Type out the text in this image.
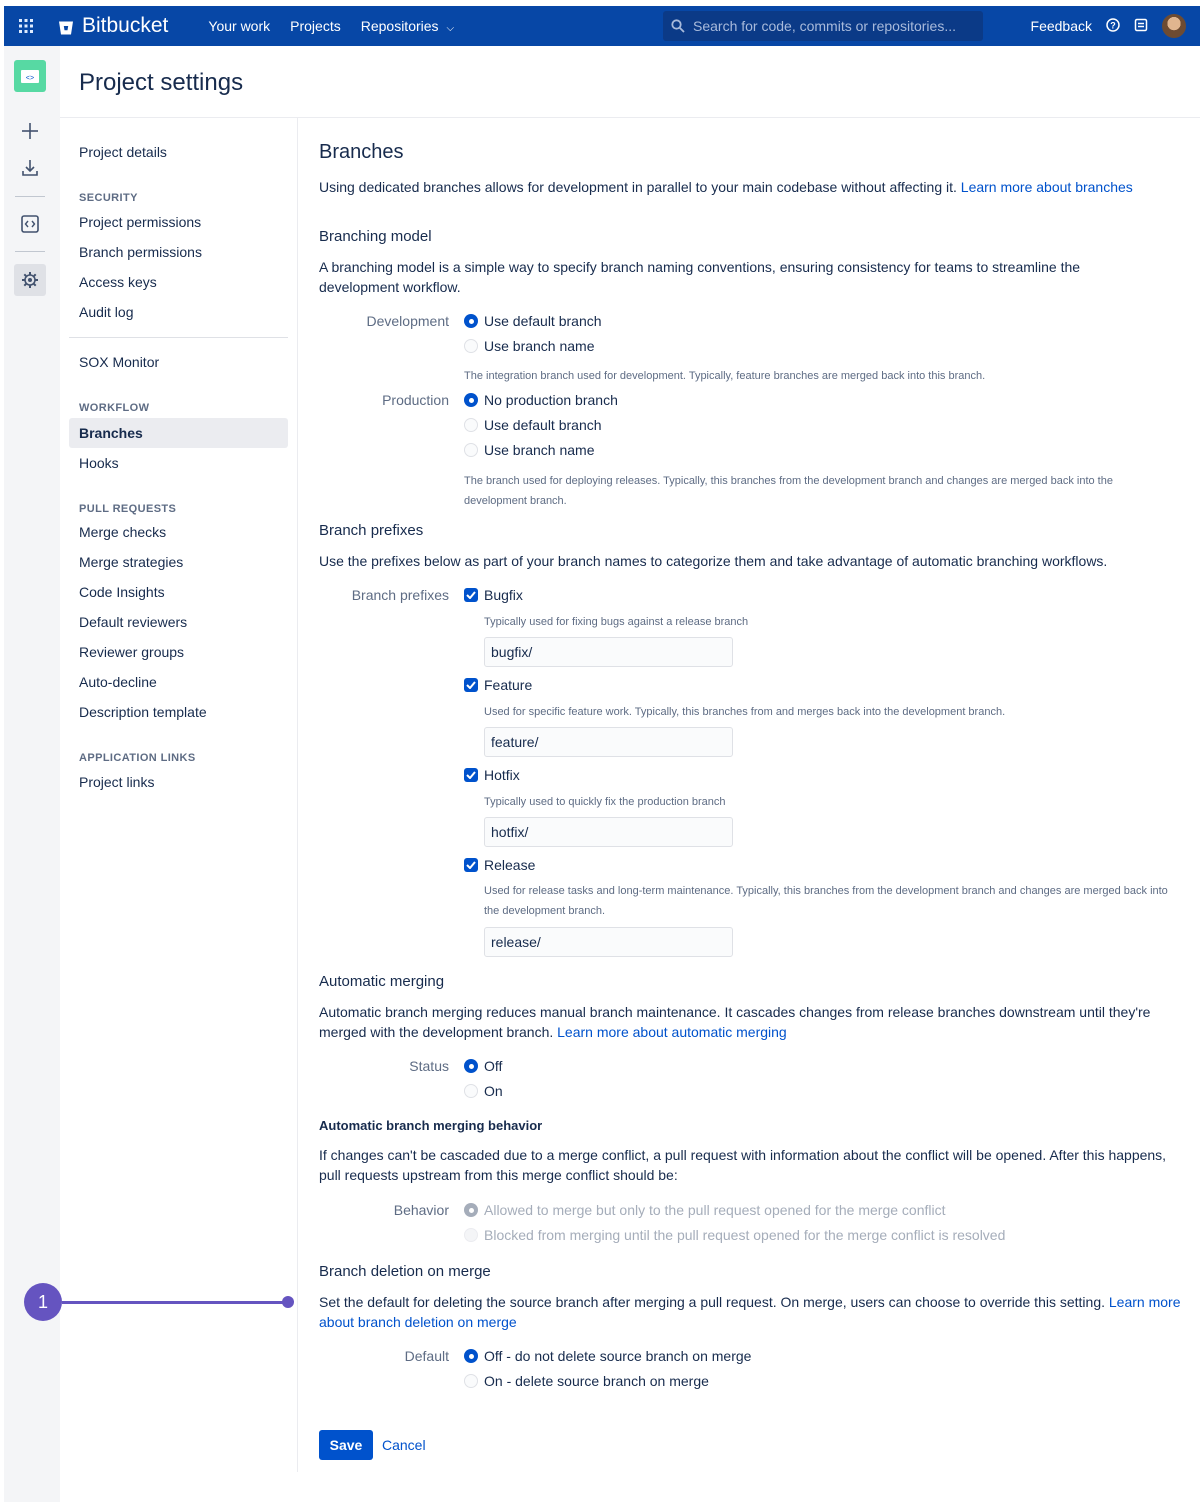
Bitbucket	Your work Projects Repositories ⌵
Search for code, commits or repositories...	Feedback ?
<> Project settings
Project details
SECURITY
Project permissions
Branch permissions
Access keys
Audit log
SOX Monitor
WORKFLOW
Branches
Hooks
PULL REQUESTS
Merge checks
Merge strategies
Code Insights
Default reviewers
Reviewer groups
Auto-decline
Description template
APPLICATION LINKS
Project links
Branches
Using dedicated branches allows for development in parallel to your main codebase without affecting it. Learn more about branches
Branching model
A branching model is a simple way to specify branch naming conventions, ensuring consistency for teams to streamline the development workflow.
Development	Use default branch
Use branch name
The integration branch used for development. Typically, feature branches are merged back into this branch.
Production	No production branch
Use default branch
Use branch name
The branch used for deploying releases. Typically, this branches from the development branch and changes are merged back into the development branch.
Branch prefixes
Use the prefixes below as part of your branch names to categorize them and take advantage of automatic branching workflows.
Branch prefixes	Bugfix
Typically used for fixing bugs against a release branch
bugfix/
Feature
Used for specific feature work. Typically, this branches from and merges back into the development branch.
feature/
Hotfix
Typically used to quickly fix the production branch
hotfix/
Release
Used for release tasks and long-term maintenance. Typically, this branches from the development branch and changes are merged back into the development branch.
release/
Automatic merging
Automatic branch merging reduces manual branch maintenance. It cascades changes from release branches downstream until they're merged with the development branch. Learn more about automatic merging
Status	Off
On
Automatic branch merging behavior
If changes can't be cascaded due to a merge conflict, a pull request with information about the conflict will be opened. After this happens, pull requests upstream from this merge conflict should be:
Behavior	Allowed to merge but only to the pull request opened for the merge conflict
Blocked from merging until the pull request opened for the merge conflict is resolved
Branch deletion on merge
Set the default for deleting the source branch after merging a pull request. On merge, users can choose to override this setting. Learn more about branch deletion on merge
Default	Off - do not delete source branch on merge
On - delete source branch on merge
Save	Cancel
1
